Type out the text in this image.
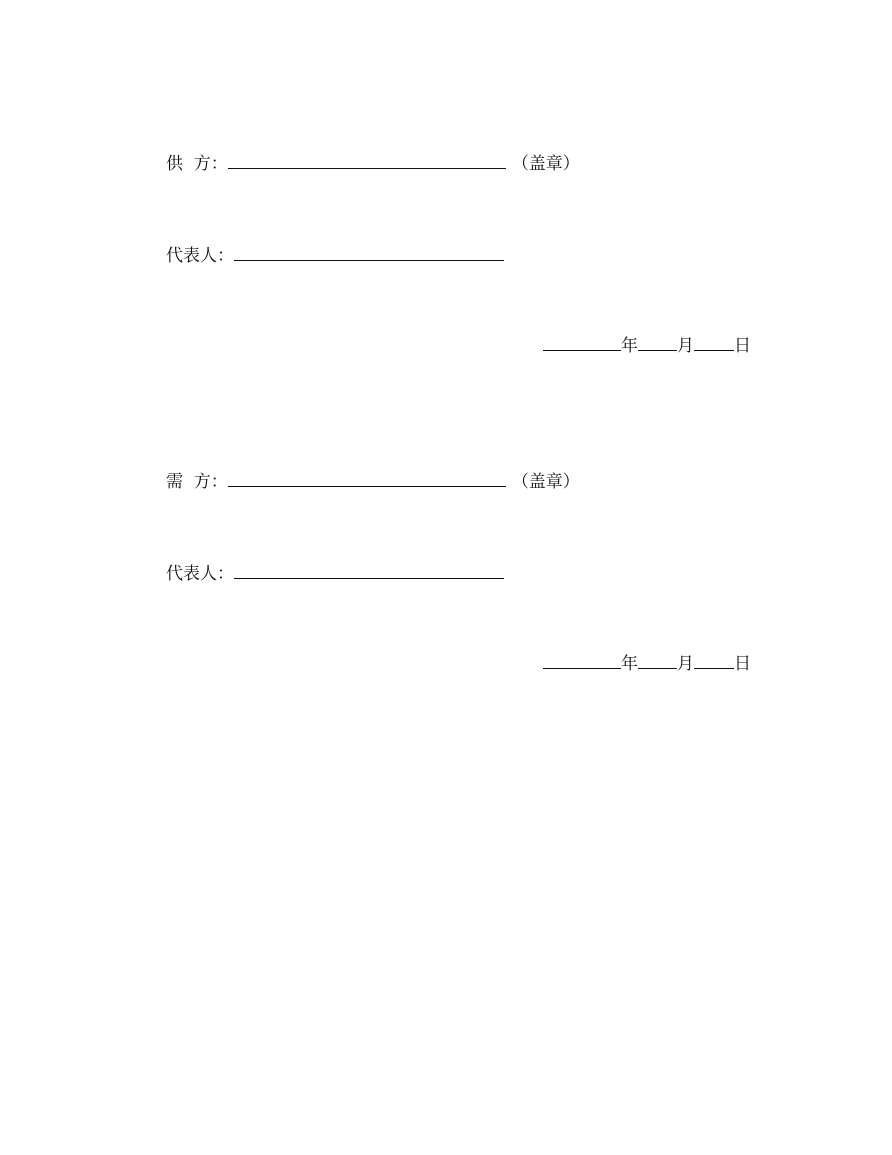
供  方：	（盖章）
代表人：
年 月 日
需  方：	（盖章）
代表人：
年 月 日
